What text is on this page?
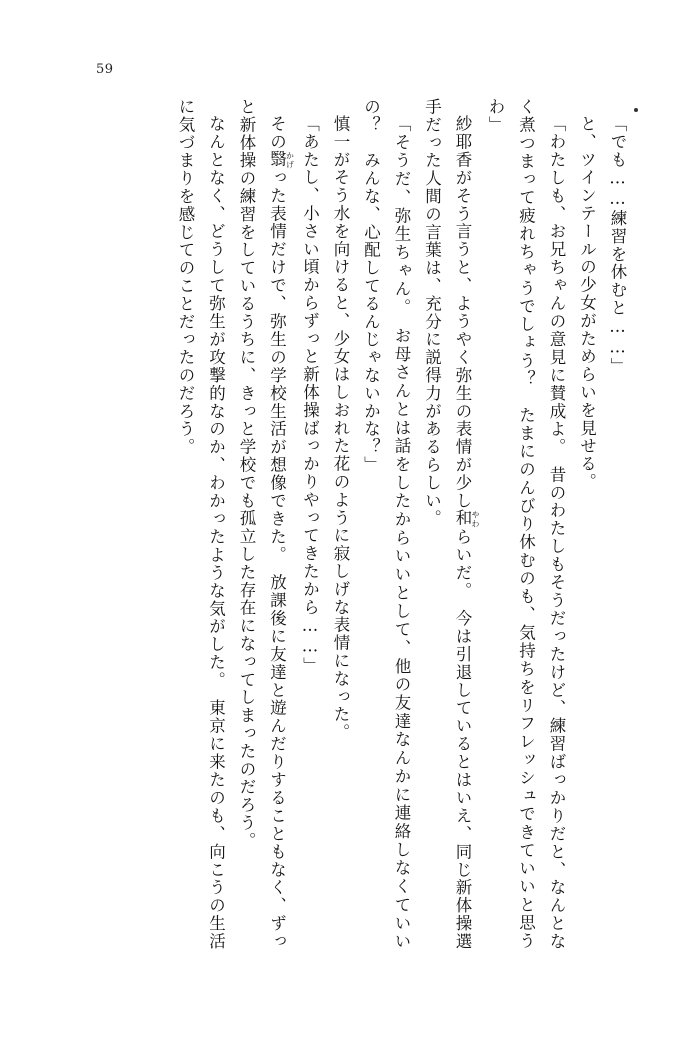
59

「でも……練習を休むと……」

と、ツインテールの少女がためらいを見せる。

「わたしも、お兄ちゃんの意見に賛成よ。　昔のわたしもそうだったけど、練習ばっかりだと、なんとなく煮つまって疲れちゃうでしょう？　たまにのんびり休むのも、気持ちをリフレッシュできていいと思うわ」

紗耶香がそう言うと、ようやく弥生の表情が少し和 やわらいだ。　今は引退しているとはいえ、同じ新体操選手だった人間の言葉は、充分に説得力があるらしい。

「そうだ、弥生ちゃん。　お母さんとは話をしたからいいとして、他の友達なんかに連絡しなくていいの？　みんな、心配してるんじゃないかな？」

慎一がそう水を向けると、少女はしおれた花のように寂しげな表情になった。

「あたし、小さい頃からずっと新体操ばっかりやってきたから……」

その翳 かげった表情だけで、弥生の学校生活が想像できた。　放課後に友達と遊んだりすることもなく、ずっと新体操の練習をしているうちに、きっと学校でも孤立した存在になってしまったのだろう。

なんとなく、どうして弥生が攻撃的なのか、わかったような気がした。　東京に来たのも、向こうの生活に気づまりを感じてのことだったのだろう。
